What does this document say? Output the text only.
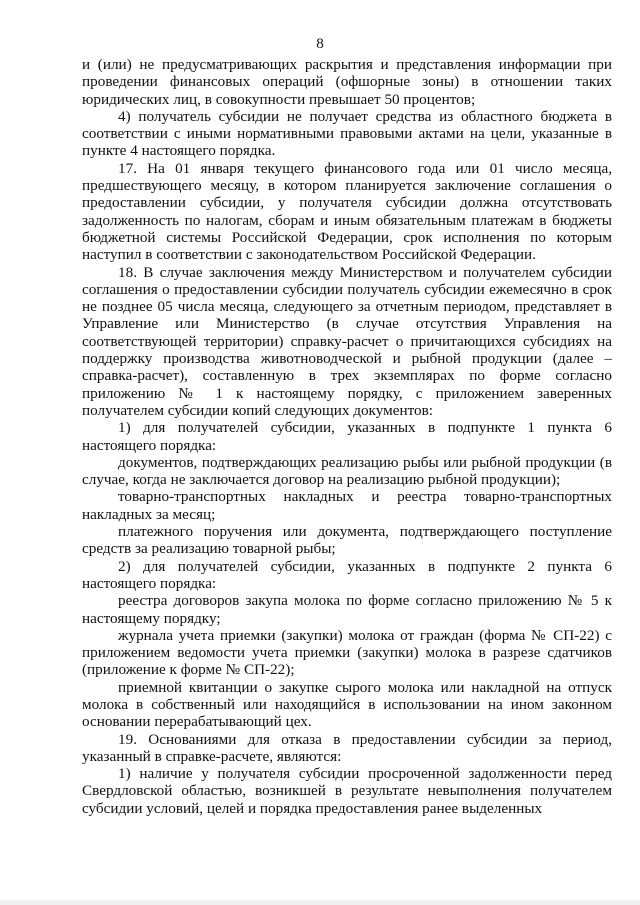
8

и (или) не предусматривающих раскрытия и представления информации при проведении финансовых операций (офшорные зоны) в отношении таких юридических лиц, в совокупности превышает 50 процентов;

4) получатель субсидии не получает средства из областного бюджета в соответствии с иными нормативными правовыми актами на цели, указанные в пункте 4 настоящего порядка.

17. На 01 января текущего финансового года или 01 число месяца, предшествующего месяцу, в котором планируется заключение соглашения о предоставлении субсидии, у получателя субсидии должна отсутствовать задолженность по налогам, сборам и иным обязательным платежам в бюджеты бюджетной системы Российской Федерации, срок исполнения по которым наступил в соответствии с законодательством Российской Федерации.

18. В случае заключения между Министерством и получателем субсидии соглашения о предоставлении субсидии получатель субсидии ежемесячно в срок не позднее 05 числа месяца, следующего за отчетным периодом, представляет в Управление или Министерство (в случае отсутствия Управления на соответствующей территории) справку-расчет о причитающихся субсидиях на поддержку производства животноводческой и рыбной продукции (далее – справка-расчет), составленную в трех экземплярах по форме согласно приложению № 1 к настоящему порядку, с приложением заверенных получателем субсидии копий следующих документов:

1) для получателей субсидии, указанных в подпункте 1 пункта 6 настоящего порядка:

документов, подтверждающих реализацию рыбы или рыбной продукции (в случае, когда не заключается договор на реализацию рыбной продукции);

товарно-транспортных накладных и реестра товарно-транспортных накладных за месяц;

платежного поручения или документа, подтверждающего поступление средств за реализацию товарной рыбы;

2) для получателей субсидии, указанных в подпункте 2 пункта 6 настоящего порядка:

реестра договоров закупа молока по форме согласно приложению № 5 к настоящему порядку;

журнала учета приемки (закупки) молока от граждан (форма № СП-22) с приложением ведомости учета приемки (закупки) молока в разрезе сдатчиков (приложение к форме № СП-22);

приемной квитанции о закупке сырого молока или накладной на отпуск молока в собственный или находящийся в использовании на ином законном основании перерабатывающий цех.

19. Основаниями для отказа в предоставлении субсидии за период, указанный в справке-расчете, являются:

1) наличие у получателя субсидии просроченной задолженности перед Свердловской областью, возникшей в результате невыполнения получателем субсидии условий, целей и порядка предоставления ранее выделенных
